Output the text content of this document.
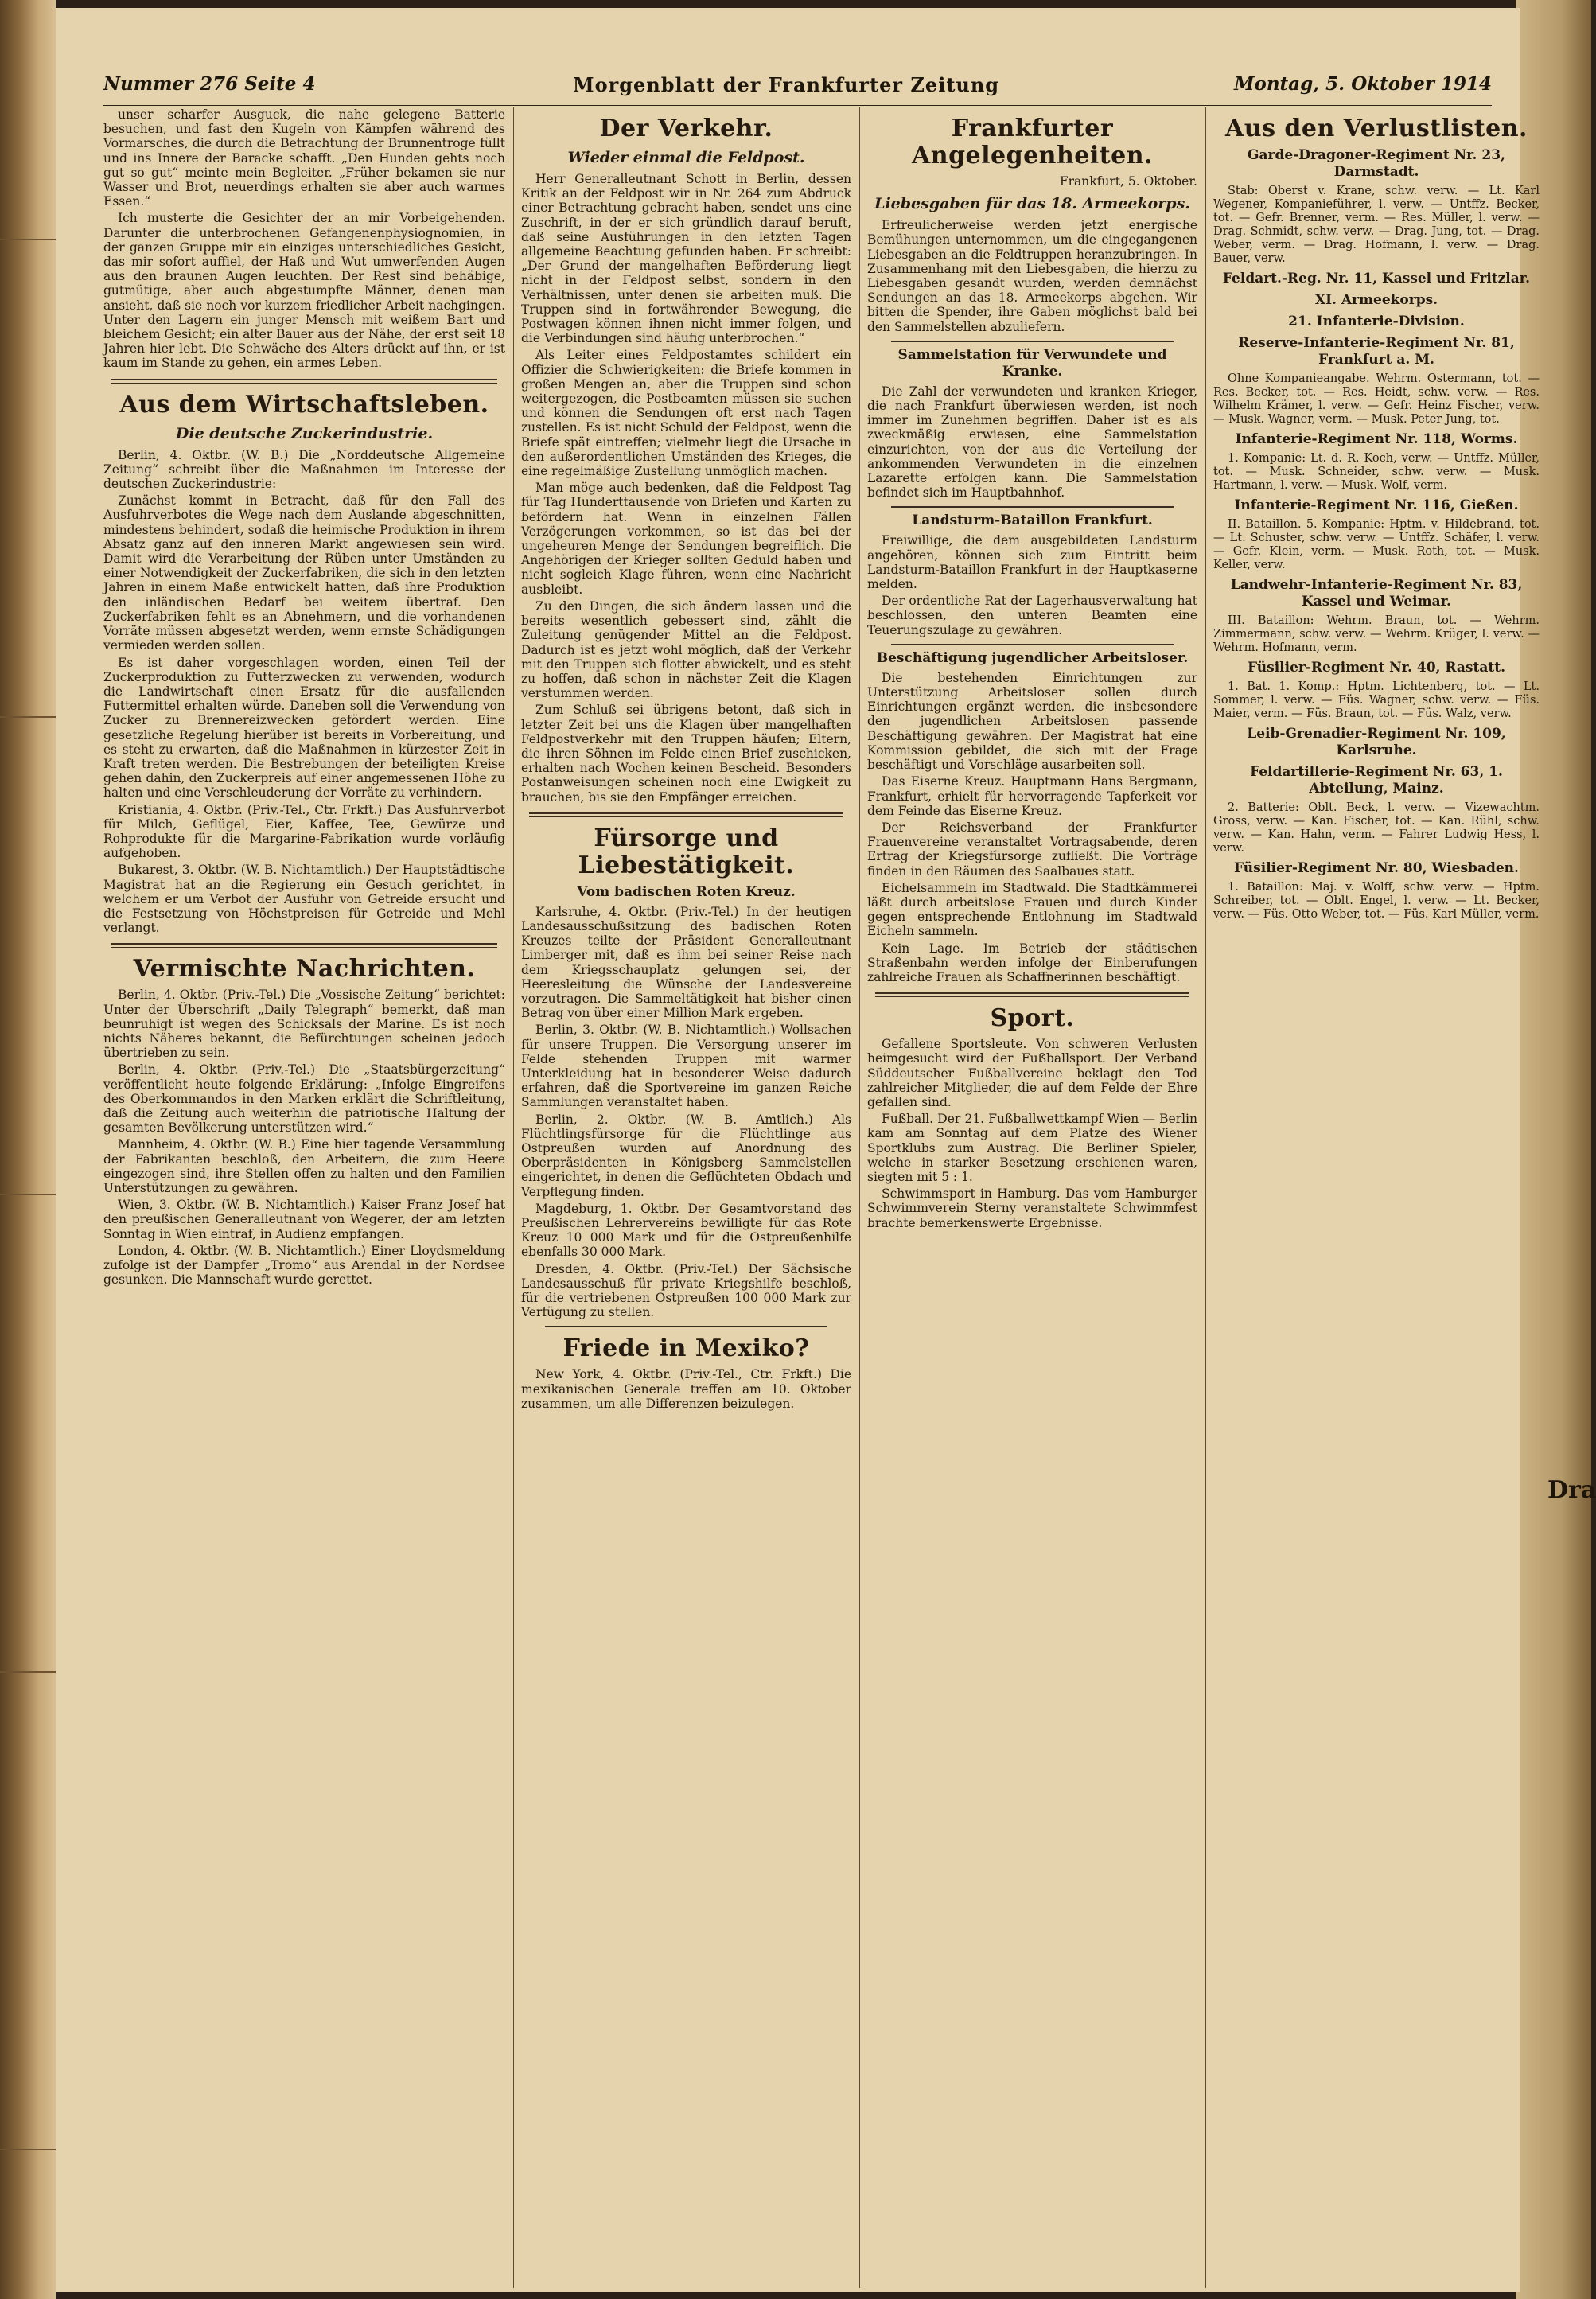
Dra
Nummer 276 Seite 4	Morgenblatt der Frankfurter Zeitung	Montag, 5. Oktober 1914

unser scharfer Ausguck, die nahe gelegene Batterie besuchen, und fast den Kugeln von Kämpfen während des Vormarsches, die durch die Betrachtung der Brunnentroge füllt und ins Innere der Baracke schafft. „Den Hunden gehts noch gut so gut“ meinte mein Begleiter. „Früher bekamen sie nur Wasser und Brot, neuerdings erhalten sie aber auch warmes Essen.“

Ich musterte die Gesichter der an mir Vorbeigehenden. Darunter die unterbrochenen Gefangenenphysiognomien, in der ganzen Gruppe mir ein einziges unterschiedliches Gesicht, das mir sofort auffiel, der Haß und Wut umwerfenden Augen aus den braunen Augen leuchten. Der Rest sind behäbige, gutmütige, aber auch abgestumpfte Männer, denen man ansieht, daß sie noch vor kurzem friedlicher Arbeit nachgingen. Unter den Lagern ein junger Mensch mit weißem Bart und bleichem Gesicht; ein alter Bauer aus der Nähe, der erst seit 18 Jahren hier lebt. Die Schwäche des Alters drückt auf ihn, er ist kaum im Stande zu gehen, ein armes Leben.

Aus dem Wirtschaftsleben.
Die deutsche Zuckerindustrie.

Berlin, 4. Oktbr. (W. B.) Die „Norddeutsche Allgemeine Zeitung“ schreibt über die Maßnahmen im Interesse der deutschen Zuckerindustrie:

Zunächst kommt in Betracht, daß für den Fall des Ausfuhrverbotes die Wege nach dem Auslande abgeschnitten, mindestens behindert, sodaß die heimische Produktion in ihrem Absatz ganz auf den inneren Markt angewiesen sein wird. Damit wird die Verarbeitung der Rüben unter Umständen zu einer Notwendigkeit der Zuckerfabriken, die sich in den letzten Jahren in einem Maße entwickelt hatten, daß ihre Produktion den inländischen Bedarf bei weitem übertraf. Den Zuckerfabriken fehlt es an Abnehmern, und die vorhandenen Vorräte müssen abgesetzt werden, wenn ernste Schädigungen vermieden werden sollen.

Es ist daher vorgeschlagen worden, einen Teil der Zuckerproduktion zu Futterzwecken zu verwenden, wodurch die Landwirtschaft einen Ersatz für die ausfallenden Futtermittel erhalten würde. Daneben soll die Verwendung von Zucker zu Brennereizwecken gefördert werden. Eine gesetzliche Regelung hierüber ist bereits in Vorbereitung, und es steht zu erwarten, daß die Maßnahmen in kürzester Zeit in Kraft treten werden. Die Bestrebungen der beteiligten Kreise gehen dahin, den Zuckerpreis auf einer angemessenen Höhe zu halten und eine Verschleuderung der Vorräte zu verhindern.

Kristiania, 4. Oktbr. (Priv.-Tel., Ctr. Frkft.) Das Ausfuhrverbot für Milch, Geflügel, Eier, Kaffee, Tee, Gewürze und Rohprodukte für die Margarine-Fabrikation wurde vorläufig aufgehoben.

Bukarest, 3. Oktbr. (W. B. Nichtamtlich.) Der Hauptstädtische Magistrat hat an die Regierung ein Gesuch gerichtet, in welchem er um Verbot der Ausfuhr von Getreide ersucht und die Festsetzung von Höchstpreisen für Getreide und Mehl verlangt.

Vermischte Nachrichten.

Berlin, 4. Oktbr. (Priv.-Tel.) Die „Vossische Zeitung“ berichtet: Unter der Überschrift „Daily Telegraph“ bemerkt, daß man beunruhigt ist wegen des Schicksals der Marine. Es ist noch nichts Näheres bekannt, die Befürchtungen scheinen jedoch übertrieben zu sein.

Berlin, 4. Oktbr. (Priv.-Tel.) Die „Staatsbürgerzeitung“ veröffentlicht heute folgende Erklärung: „Infolge Eingreifens des Oberkommandos in den Marken erklärt die Schriftleitung, daß die Zeitung auch weiterhin die patriotische Haltung der gesamten Bevölkerung unterstützen wird.“

Mannheim, 4. Oktbr. (W. B.) Eine hier tagende Versammlung der Fabrikanten beschloß, den Arbeitern, die zum Heere eingezogen sind, ihre Stellen offen zu halten und den Familien Unterstützungen zu gewähren.

Wien, 3. Oktbr. (W. B. Nichtamtlich.) Kaiser Franz Josef hat den preußischen Generalleutnant von Wegerer, der am letzten Sonntag in Wien eintraf, in Audienz empfangen.

London, 4. Oktbr. (W. B. Nichtamtlich.) Einer Lloydsmeldung zufolge ist der Dampfer „Tromo“ aus Arendal in der Nordsee gesunken. Die Mannschaft wurde gerettet.

Der Verkehr.
Wieder einmal die Feldpost.

Herr Generalleutnant Schott in Berlin, dessen Kritik an der Feldpost wir in Nr. 264 zum Abdruck einer Betrachtung gebracht haben, sendet uns eine Zuschrift, in der er sich gründlich darauf beruft, daß seine Ausführungen in den letzten Tagen allgemeine Beachtung gefunden haben. Er schreibt: „Der Grund der mangelhaften Beförderung liegt nicht in der Feldpost selbst, sondern in den Verhältnissen, unter denen sie arbeiten muß. Die Truppen sind in fortwährender Bewegung, die Postwagen können ihnen nicht immer folgen, und die Verbindungen sind häufig unterbrochen.“

Als Leiter eines Feldpostamtes schildert ein Offizier die Schwierigkeiten: die Briefe kommen in großen Mengen an, aber die Truppen sind schon weitergezogen, die Postbeamten müssen sie suchen und können die Sendungen oft erst nach Tagen zustellen. Es ist nicht Schuld der Feldpost, wenn die Briefe spät eintreffen; vielmehr liegt die Ursache in den außerordentlichen Umständen des Krieges, die eine regelmäßige Zustellung unmöglich machen.

Man möge auch bedenken, daß die Feldpost Tag für Tag Hunderttausende von Briefen und Karten zu befördern hat. Wenn in einzelnen Fällen Verzögerungen vorkommen, so ist das bei der ungeheuren Menge der Sendungen begreiflich. Die Angehörigen der Krieger sollten Geduld haben und nicht sogleich Klage führen, wenn eine Nachricht ausbleibt.

Zu den Dingen, die sich ändern lassen und die bereits wesentlich gebessert sind, zählt die Zuleitung genügender Mittel an die Feldpost. Dadurch ist es jetzt wohl möglich, daß der Verkehr mit den Truppen sich flotter abwickelt, und es steht zu hoffen, daß schon in nächster Zeit die Klagen verstummen werden.

Zum Schluß sei übrigens betont, daß sich in letzter Zeit bei uns die Klagen über mangelhaften Feldpostverkehr mit den Truppen häufen; Eltern, die ihren Söhnen im Felde einen Brief zuschicken, erhalten nach Wochen keinen Bescheid. Besonders Postanweisungen scheinen noch eine Ewigkeit zu brauchen, bis sie den Empfänger erreichen.

Fürsorge und Liebestätigkeit.
Vom badischen Roten Kreuz.

Karlsruhe, 4. Oktbr. (Priv.-Tel.) In der heutigen Landesausschußsitzung des badischen Roten Kreuzes teilte der Präsident Generalleutnant Limberger mit, daß es ihm bei seiner Reise nach dem Kriegsschauplatz gelungen sei, der Heeresleitung die Wünsche der Landesvereine vorzutragen. Die Sammeltätigkeit hat bisher einen Betrag von über einer Million Mark ergeben.

Berlin, 3. Oktbr. (W. B. Nichtamtlich.) Wollsachen für unsere Truppen. Die Versorgung unserer im Felde stehenden Truppen mit warmer Unterkleidung hat in besonderer Weise dadurch erfahren, daß die Sportvereine im ganzen Reiche Sammlungen veranstaltet haben.

Berlin, 2. Oktbr. (W. B. Amtlich.) Als Flüchtlingsfürsorge für die Flüchtlinge aus Ostpreußen wurden auf Anordnung des Oberpräsidenten in Königsberg Sammelstellen eingerichtet, in denen die Geflüchteten Obdach und Verpflegung finden.

Magdeburg, 1. Oktbr. Der Gesamtvorstand des Preußischen Lehrervereins bewilligte für das Rote Kreuz 10 000 Mark und für die Ostpreußenhilfe ebenfalls 30 000 Mark.

Dresden, 4. Oktbr. (Priv.-Tel.) Der Sächsische Landesausschuß für private Kriegshilfe beschloß, für die vertriebenen Ostpreußen 100 000 Mark zur Verfügung zu stellen.

Friede in Mexiko?

New York, 4. Oktbr. (Priv.-Tel., Ctr. Frkft.) Die mexikanischen Generale treffen am 10. Oktober zusammen, um alle Differenzen beizulegen.

Frankfurter Angelegenheiten.

Frankfurt, 5. Oktober.

Liebesgaben für das 18. Armeekorps.

Erfreulicherweise werden jetzt energische Bemühungen unternommen, um die eingegangenen Liebesgaben an die Feldtruppen heranzubringen. In Zusammenhang mit den Liebesgaben, die hierzu zu Liebesgaben gesandt wurden, werden demnächst Sendungen an das 18. Armeekorps abgehen. Wir bitten die Spender, ihre Gaben möglichst bald bei den Sammelstellen abzuliefern.

Sammelstation für Verwundete und Kranke.

Die Zahl der verwundeten und kranken Krieger, die nach Frankfurt überwiesen werden, ist noch immer im Zunehmen begriffen. Daher ist es als zweckmäßig erwiesen, eine Sammelstation einzurichten, von der aus die Verteilung der ankommenden Verwundeten in die einzelnen Lazarette erfolgen kann. Die Sammelstation befindet sich im Hauptbahnhof.

Landsturm-Bataillon Frankfurt.

Freiwillige, die dem ausgebildeten Landsturm angehören, können sich zum Eintritt beim Landsturm-Bataillon Frankfurt in der Hauptkaserne melden.

Der ordentliche Rat der Lagerhausverwaltung hat beschlossen, den unteren Beamten eine Teuerungszulage zu gewähren.

Beschäftigung jugendlicher Arbeitsloser.

Die bestehenden Einrichtungen zur Unterstützung Arbeitsloser sollen durch Einrichtungen ergänzt werden, die insbesondere den jugendlichen Arbeitslosen passende Beschäftigung gewähren. Der Magistrat hat eine Kommission gebildet, die sich mit der Frage beschäftigt und Vorschläge ausarbeiten soll.

Das Eiserne Kreuz. Hauptmann Hans Bergmann, Frankfurt, erhielt für hervorragende Tapferkeit vor dem Feinde das Eiserne Kreuz.

Der Reichsverband der Frankfurter Frauenvereine veranstaltet Vortragsabende, deren Ertrag der Kriegsfürsorge zufließt. Die Vorträge finden in den Räumen des Saalbaues statt.

Eichelsammeln im Stadtwald. Die Stadtkämmerei läßt durch arbeitslose Frauen und durch Kinder gegen entsprechende Entlohnung im Stadtwald Eicheln sammeln.

Kein Lage. Im Betrieb der städtischen Straßenbahn werden infolge der Einberufungen zahlreiche Frauen als Schaffnerinnen beschäftigt.

Sport.

Gefallene Sportsleute. Von schweren Verlusten heimgesucht wird der Fußballsport. Der Verband Süddeutscher Fußballvereine beklagt den Tod zahlreicher Mitglieder, die auf dem Felde der Ehre gefallen sind.

Fußball. Der 21. Fußballwettkampf Wien — Berlin kam am Sonntag auf dem Platze des Wiener Sportklubs zum Austrag. Die Berliner Spieler, welche in starker Besetzung erschienen waren, siegten mit 5 : 1.

Schwimmsport in Hamburg. Das vom Hamburger Schwimmverein Sterny veranstaltete Schwimmfest brachte bemerkenswerte Ergebnisse.

Aus den Verlustlisten.
Garde-Dragoner-Regiment Nr. 23, Darmstadt.

Stab: Oberst v. Krane, schw. verw. — Lt. Karl Wegener, Kompanieführer, l. verw. — Untffz. Becker, tot. — Gefr. Brenner, verm. — Res. Müller, l. verw. — Drag. Schmidt, schw. verw. — Drag. Jung, tot. — Drag. Weber, verm. — Drag. Hofmann, l. verw. — Drag. Bauer, verw.

Feldart.-Reg. Nr. 11, Kassel und Fritzlar.
XI. Armeekorps.
21. Infanterie-Division.
Reserve-Infanterie-Regiment Nr. 81, Frankfurt a. M.

Ohne Kompanieangabe. Wehrm. Ostermann, tot. — Res. Becker, tot. — Res. Heidt, schw. verw. — Res. Wilhelm Krämer, l. verw. — Gefr. Heinz Fischer, verw. — Musk. Wagner, verm. — Musk. Peter Jung, tot.

Infanterie-Regiment Nr. 118, Worms.

1. Kompanie: Lt. d. R. Koch, verw. — Untffz. Müller, tot. — Musk. Schneider, schw. verw. — Musk. Hartmann, l. verw. — Musk. Wolf, verm.

Infanterie-Regiment Nr. 116, Gießen.

II. Bataillon. 5. Kompanie: Hptm. v. Hildebrand, tot. — Lt. Schuster, schw. verw. — Untffz. Schäfer, l. verw. — Gefr. Klein, verm. — Musk. Roth, tot. — Musk. Keller, verw.

Landwehr-Infanterie-Regiment Nr. 83, Kassel und Weimar.

III. Bataillon: Wehrm. Braun, tot. — Wehrm. Zimmermann, schw. verw. — Wehrm. Krüger, l. verw. — Wehrm. Hofmann, verm.

Füsilier-Regiment Nr. 40, Rastatt.

1. Bat. 1. Komp.: Hptm. Lichtenberg, tot. — Lt. Sommer, l. verw. — Füs. Wagner, schw. verw. — Füs. Maier, verm. — Füs. Braun, tot. — Füs. Walz, verw.

Leib-Grenadier-Regiment Nr. 109, Karlsruhe.
Feldartillerie-Regiment Nr. 63, 1. Abteilung, Mainz.

2. Batterie: Oblt. Beck, l. verw. — Vizewachtm. Gross, verw. — Kan. Fischer, tot. — Kan. Rühl, schw. verw. — Kan. Hahn, verm. — Fahrer Ludwig Hess, l. verw.

Füsilier-Regiment Nr. 80, Wiesbaden.

1. Bataillon: Maj. v. Wolff, schw. verw. — Hptm. Schreiber, tot. — Oblt. Engel, l. verw. — Lt. Becker, verw. — Füs. Otto Weber, tot. — Füs. Karl Müller, verm.
